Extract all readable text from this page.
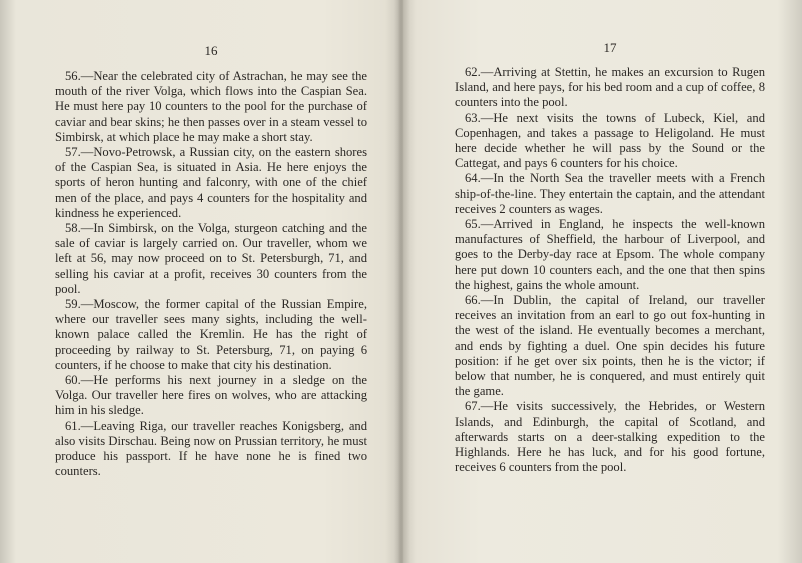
16

56.—Near the celebrated city of Astrachan, he may see the mouth of the river Volga, which flows into the Caspian Sea. He must here pay 10 counters to the pool for the purchase of caviar and bear skins; he then passes over in a steam vessel to Simbirsk, at which place he may make a short stay.

57.—Novo-Petrowsk, a Russian city, on the eastern shores of the Caspian Sea, is situated in Asia. He here enjoys the sports of heron hunting and falconry, with one of the chief men of the place, and pays 4 counters for the hospitality and kindness he experienced.

58.—In Simbirsk, on the Volga, sturgeon catching and the sale of caviar is largely carried on. Our traveller, whom we left at 56, may now proceed on to St. Petersburgh, 71, and selling his caviar at a profit, receives 30 counters from the pool.

59.—Moscow, the former capital of the Russian Empire, where our traveller sees many sights, including the well-known palace called the Kremlin. He has the right of proceeding by railway to St. Petersburg, 71, on paying 6 counters, if he choose to make that city his destination.

60.—He performs his next journey in a sledge on the Volga. Our traveller here fires on wolves, who are attacking him in his sledge.

61.—Leaving Riga, our traveller reaches Konigsberg, and also visits Dirschau. Being now on Prussian territory, he must produce his passport. If he have none he is fined two counters.

17

62.—Arriving at Stettin, he makes an excursion to Rugen Island, and here pays, for his bed room and a cup of coffee, 8 counters into the pool.

63.—He next visits the towns of Lubeck, Kiel, and Copenhagen, and takes a passage to Heligoland. He must here decide whether he will pass by the Sound or the Cattegat, and pays 6 counters for his choice.

64.—In the North Sea the traveller meets with a French ship-of-the-line. They entertain the captain, and the attendant receives 2 counters as wages.

65.—Arrived in England, he inspects the well-known manufactures of Sheffield, the harbour of Liverpool, and goes to the Derby-day race at Epsom. The whole company here put down 10 counters each, and the one that then spins the highest, gains the whole amount.

66.—In Dublin, the capital of Ireland, our traveller receives an invitation from an earl to go out fox-hunting in the west of the island. He eventually becomes a merchant, and ends by fighting a duel. One spin decides his future position: if he get over six points, then he is the victor; if below that number, he is conquered, and must entirely quit the game.

67.—He visits successively, the Hebrides, or Western Islands, and Edinburgh, the capital of Scotland, and afterwards starts on a deer-stalking expedition to the Highlands. Here he has luck, and for his good fortune, receives 6 counters from the pool.
